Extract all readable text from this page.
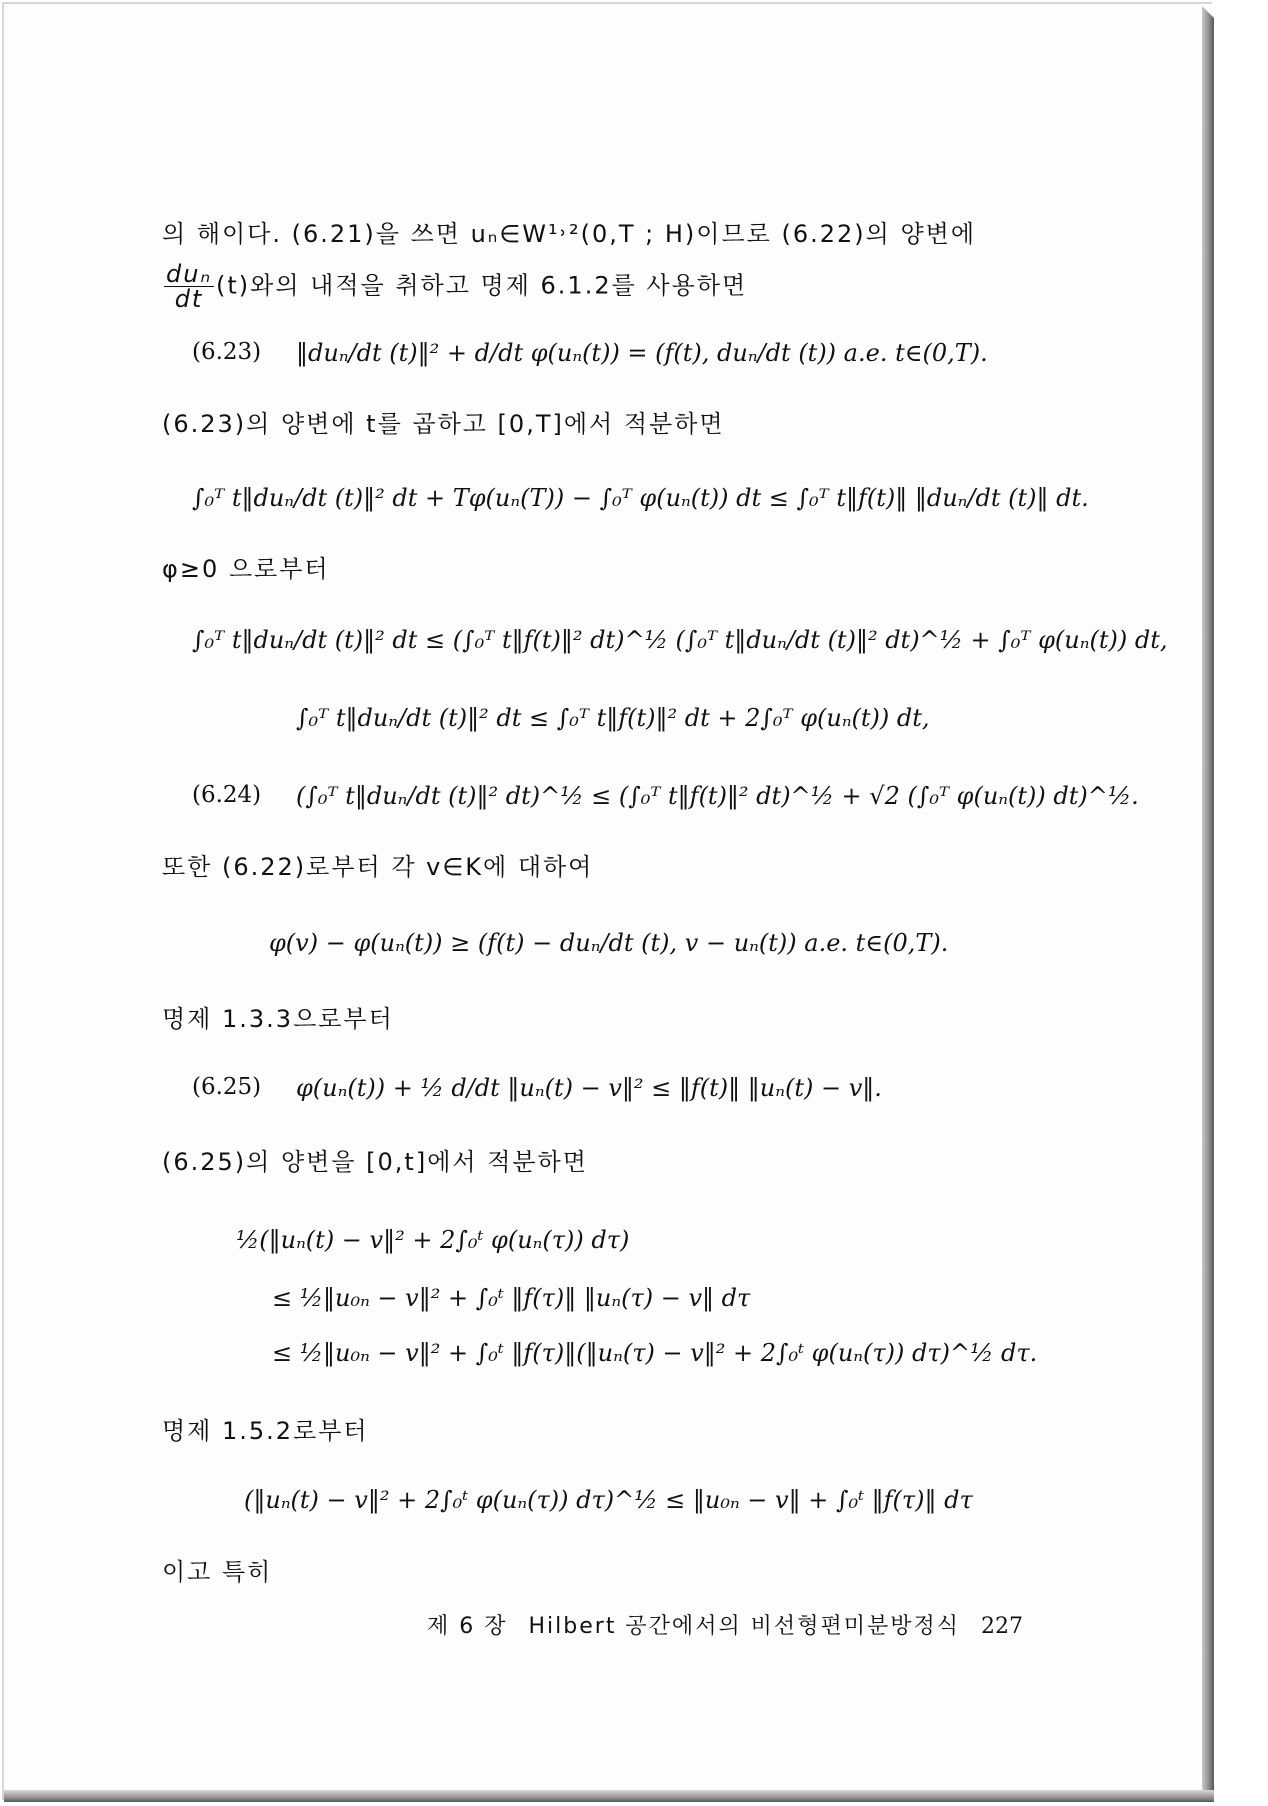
의 해이다. (6.21)을 쓰면 uₙ∈W¹˒²(0,T ; H)이므로 (6.22)의 양변에
$\frac{\text{duₙ}}{dt} (t)$와의 내적을 취하고 명제 6.1.2를 사용하면
(6.23) ‖duₙ/dt (t)‖² + d/dt φ(uₙ(t)) = (f(t), duₙ/dt (t)) a.e. t∈(0,T).
(6.23)의 양변에 t를 곱하고 [0,T]에서 적분하면
∫₀ᵀ t‖duₙ/dt (t)‖² dt + Tφ(uₙ(T)) − ∫₀ᵀ φ(uₙ(t)) dt ≤ ∫₀ᵀ t‖f(t)‖ ‖duₙ/dt (t)‖ dt.
φ≥0 으로부터
∫₀ᵀ t‖duₙ/dt (t)‖² dt ≤ (∫₀ᵀ t‖f(t)‖² dt)^½ (∫₀ᵀ t‖duₙ/dt (t)‖² dt)^½ + ∫₀ᵀ φ(uₙ(t)) dt,
∫₀ᵀ t‖duₙ/dt (t)‖² dt ≤ ∫₀ᵀ t‖f(t)‖² dt + 2∫₀ᵀ φ(uₙ(t)) dt,
(6.24) (∫₀ᵀ t‖duₙ/dt (t)‖² dt)^½ ≤ (∫₀ᵀ t‖f(t)‖² dt)^½ + √2 (∫₀ᵀ φ(uₙ(t)) dt)^½.
또한 (6.22)로부터 각 v∈K에 대하여
φ(v) − φ(uₙ(t)) ≥ (f(t) − duₙ/dt (t), v − uₙ(t)) a.e. t∈(0,T).
명제 1.3.3으로부터
(6.25) φ(uₙ(t)) + ½ d/dt ‖uₙ(t) − v‖² ≤ ‖f(t)‖ ‖uₙ(t) − v‖.
(6.25)의 양변을 [0,t]에서 적분하면
½(‖uₙ(t) − v‖² + 2∫₀ᵗ φ(uₙ(τ)) dτ)
≤ ½‖u₀ₙ − v‖² + ∫₀ᵗ ‖f(τ)‖ ‖uₙ(τ) − v‖ dτ
≤ ½‖u₀ₙ − v‖² + ∫₀ᵗ ‖f(τ)‖(‖uₙ(τ) − v‖² + 2∫₀ᵗ φ(uₙ(τ)) dτ)^½ dτ.
명제 1.5.2로부터
(‖uₙ(t) − v‖² + 2∫₀ᵗ φ(uₙ(τ)) dτ)^½ ≤ ‖u₀ₙ − v‖ + ∫₀ᵗ ‖f(τ)‖ dτ
이고 특히
제 6 장 Hilbert 공간에서의 비선형편미분방정식 227
